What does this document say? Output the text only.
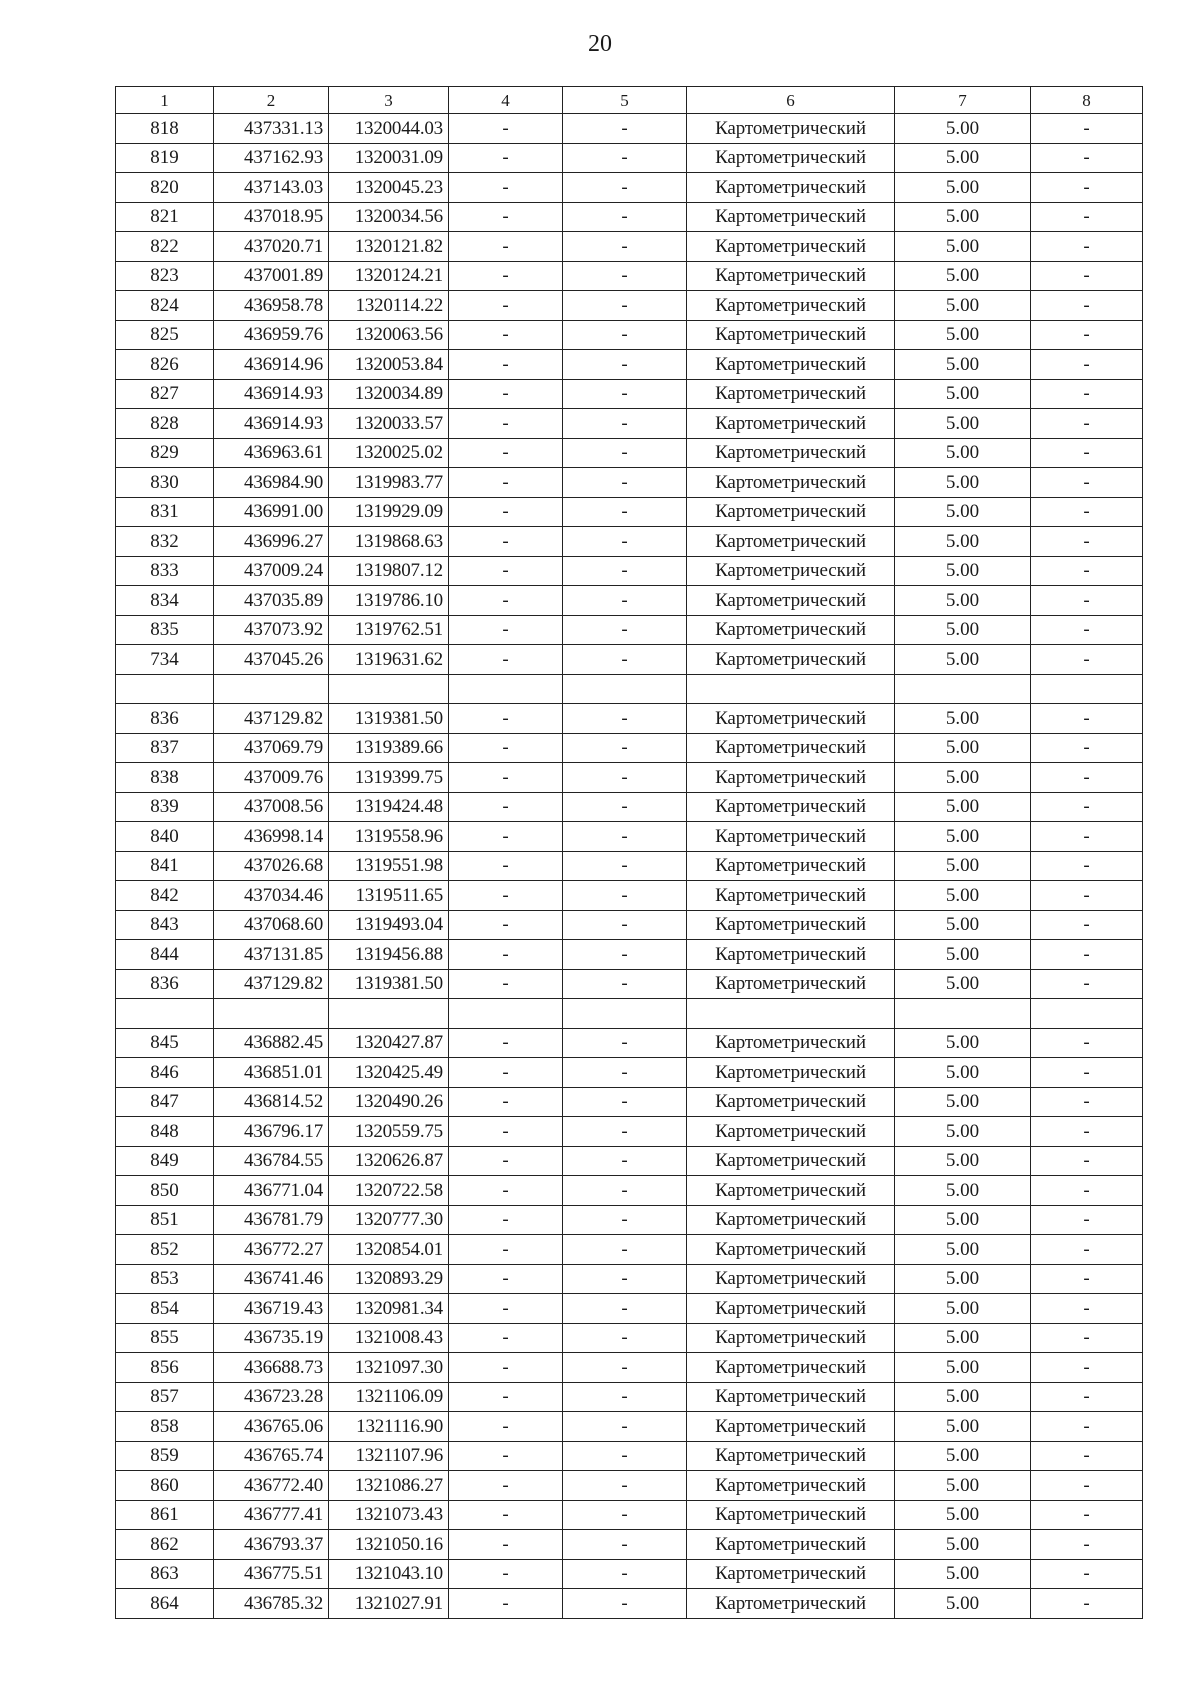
20
1	2	3	4	5	6	7	8
818	437331.13	1320044.03	-	-	Картометрический	5.00	-
819	437162.93	1320031.09	-	-	Картометрический	5.00	-
820	437143.03	1320045.23	-	-	Картометрический	5.00	-
821	437018.95	1320034.56	-	-	Картометрический	5.00	-
822	437020.71	1320121.82	-	-	Картометрический	5.00	-
823	437001.89	1320124.21	-	-	Картометрический	5.00	-
824	436958.78	1320114.22	-	-	Картометрический	5.00	-
825	436959.76	1320063.56	-	-	Картометрический	5.00	-
826	436914.96	1320053.84	-	-	Картометрический	5.00	-
827	436914.93	1320034.89	-	-	Картометрический	5.00	-
828	436914.93	1320033.57	-	-	Картометрический	5.00	-
829	436963.61	1320025.02	-	-	Картометрический	5.00	-
830	436984.90	1319983.77	-	-	Картометрический	5.00	-
831	436991.00	1319929.09	-	-	Картометрический	5.00	-
832	436996.27	1319868.63	-	-	Картометрический	5.00	-
833	437009.24	1319807.12	-	-	Картометрический	5.00	-
834	437035.89	1319786.10	-	-	Картометрический	5.00	-
835	437073.92	1319762.51	-	-	Картометрический	5.00	-
734	437045.26	1319631.62	-	-	Картометрический	5.00	-

836	437129.82	1319381.50	-	-	Картометрический	5.00	-
837	437069.79	1319389.66	-	-	Картометрический	5.00	-
838	437009.76	1319399.75	-	-	Картометрический	5.00	-
839	437008.56	1319424.48	-	-	Картометрический	5.00	-
840	436998.14	1319558.96	-	-	Картометрический	5.00	-
841	437026.68	1319551.98	-	-	Картометрический	5.00	-
842	437034.46	1319511.65	-	-	Картометрический	5.00	-
843	437068.60	1319493.04	-	-	Картометрический	5.00	-
844	437131.85	1319456.88	-	-	Картометрический	5.00	-
836	437129.82	1319381.50	-	-	Картометрический	5.00	-

845	436882.45	1320427.87	-	-	Картометрический	5.00	-
846	436851.01	1320425.49	-	-	Картометрический	5.00	-
847	436814.52	1320490.26	-	-	Картометрический	5.00	-
848	436796.17	1320559.75	-	-	Картометрический	5.00	-
849	436784.55	1320626.87	-	-	Картометрический	5.00	-
850	436771.04	1320722.58	-	-	Картометрический	5.00	-
851	436781.79	1320777.30	-	-	Картометрический	5.00	-
852	436772.27	1320854.01	-	-	Картометрический	5.00	-
853	436741.46	1320893.29	-	-	Картометрический	5.00	-
854	436719.43	1320981.34	-	-	Картометрический	5.00	-
855	436735.19	1321008.43	-	-	Картометрический	5.00	-
856	436688.73	1321097.30	-	-	Картометрический	5.00	-
857	436723.28	1321106.09	-	-	Картометрический	5.00	-
858	436765.06	1321116.90	-	-	Картометрический	5.00	-
859	436765.74	1321107.96	-	-	Картометрический	5.00	-
860	436772.40	1321086.27	-	-	Картометрический	5.00	-
861	436777.41	1321073.43	-	-	Картометрический	5.00	-
862	436793.37	1321050.16	-	-	Картометрический	5.00	-
863	436775.51	1321043.10	-	-	Картометрический	5.00	-
864	436785.32	1321027.91	-	-	Картометрический	5.00	-
